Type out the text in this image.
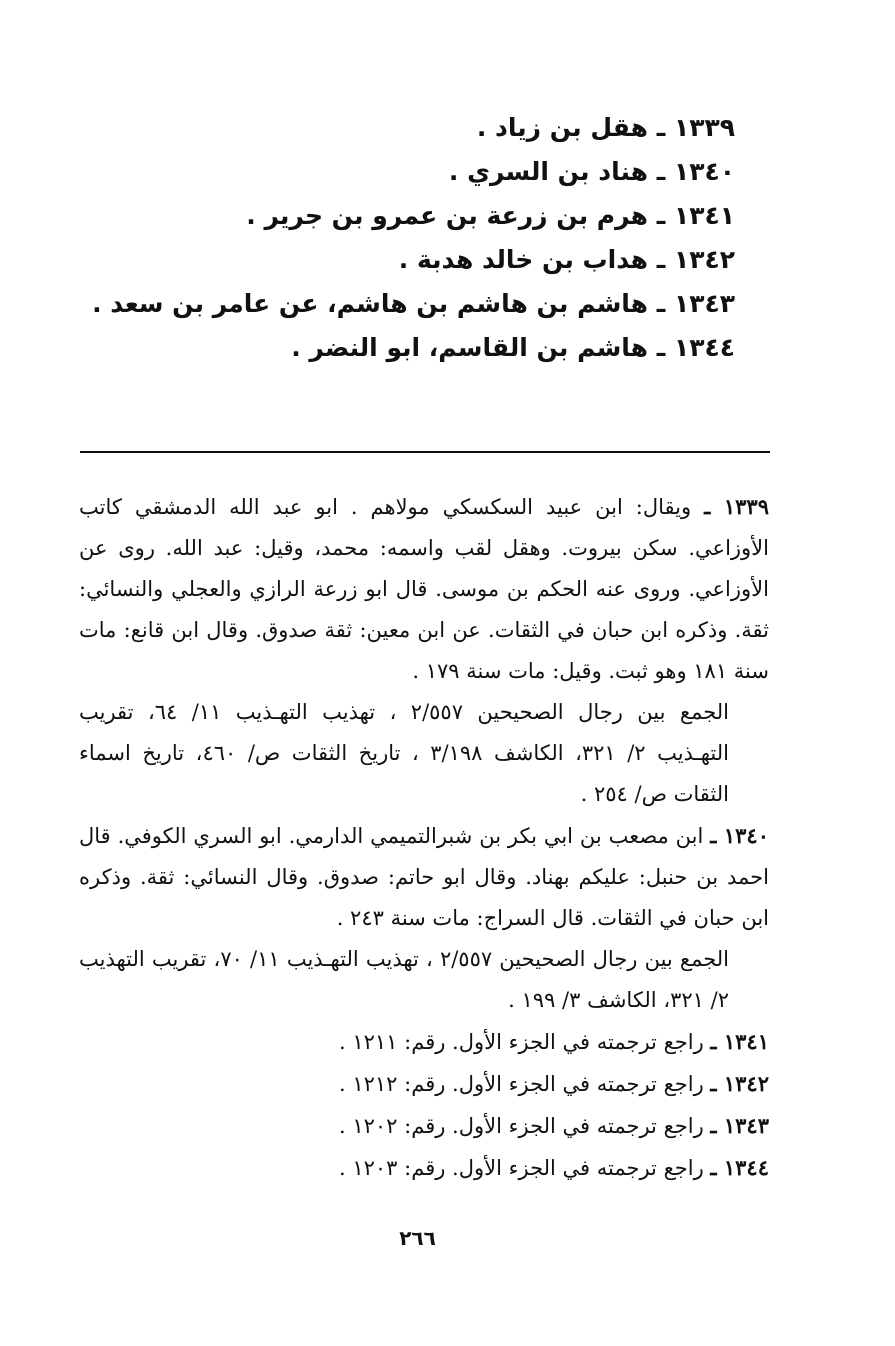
١٣٣٩ ـ هقل بن زياد .
١٣٤٠ ـ هناد بن السري .
١٣٤١ ـ هرم بن زرعة بن عمرو بن جرير .
١٣٤٢ ـ هداب بن خالد هدبة .
١٣٤٣ ـ هاشم بن هاشم بن هاشم، عن عامر بن سعد .
١٣٤٤ ـ هاشم بن القاسم، ابو النضر .

١٣٣٩ ـ ويقال: ابن عبيد السكسكي مولاهم . ابو عبد الله الدمشقي كاتب الأوزاعي. سكن بيروت. وهقل لقب واسمه: محمد، وقيل: عبد الله. روى عن الأوزاعي. وروى عنه الحكم بن موسى. قال ابو زرعة الرازي والعجلي والنسائي: ثقة. وذكره ابن حبان في الثقات. عن ابن معين: ثقة صدوق. وقال ابن قانع: مات سنة ١٨١ وهو ثبت. وقيل: مات سنة ١٧٩ .

الجمع بين رجال الصحيحين ٢/٥٥٧ ، تهذيب التهـذيب ١١/ ٦٤، تقريب التهـذيب ٢/ ٣٢١، الكاشف ٣/١٩٨ ، تاريخ الثقات ص/ ٤٦٠، تاريخ اسماء الثقات ص/ ٢٥٤ .

١٣٤٠ ـ ابن مصعب بن ابي بكر بن شبرالتميمي الدارمي. ابو السري الكوفي. قال احمد بن حنبل: عليكم بهناد. وقال ابو حاتم: صدوق. وقال النسائي: ثقة. وذكره ابن حبان في الثقات. قال السراج: مات سنة ٢٤٣ .

الجمع بين رجال الصحيحين ٢/٥٥٧ ، تهذيب التهـذيب ١١/ ٧٠، تقريب التهذيب ٢/ ٣٢١، الكاشف ٣/ ١٩٩ .

١٣٤١ ـ راجع ترجمته في الجزء الأول. رقم: ١٢١١ .

١٣٤٢ ـ راجع ترجمته في الجزء الأول. رقم: ١٢١٢ .

١٣٤٣ ـ راجع ترجمته في الجزء الأول. رقم: ١٢٠٢ .

١٣٤٤ ـ راجع ترجمته في الجزء الأول. رقم: ١٢٠٣ .

٢٦٦
